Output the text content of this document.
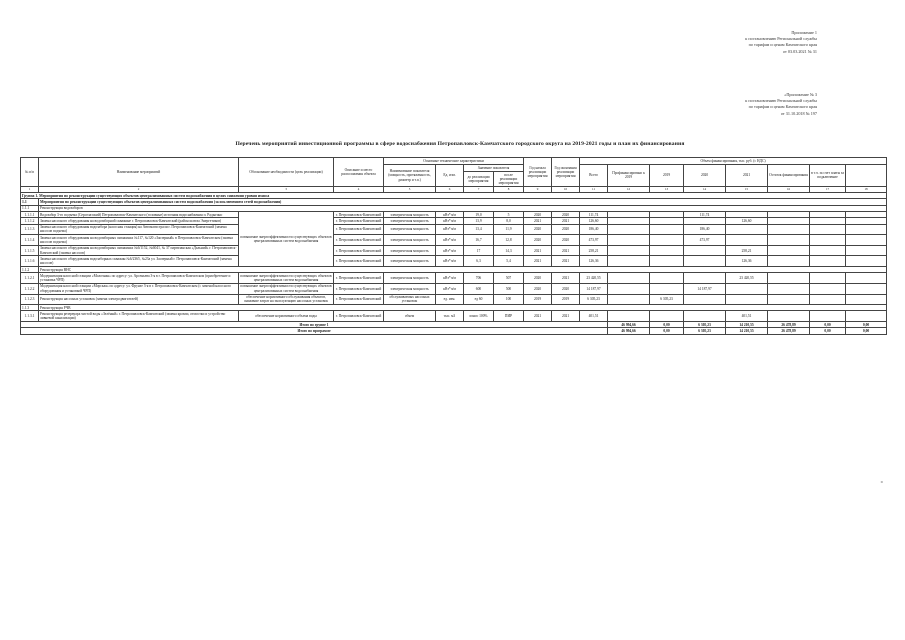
Приложение 1
к постановлению Региональной службы
по тарифам и ценам Камчатского края
от 03.03.2021 № 31
«Приложение № 3
к постановлению Региональной службы
по тарифам и ценам Камчатского края
от 31.10.2018 № 197
Перечень мероприятий инвестиционной программы в сфере водоснабжения Петропавловск-Камчатского городского округа на 2019-2021 годы и план их финансирования
№ п/п	Наименование мероприятий	Обоснование необходимости (цель реализации)	Описание и место расположения объекта	Основные технические характеристики				Год начала реализации мероприятия	Год окончания реализации мероприятия	Объем финансирования, тыс. руб. (с НДС)							
				Наименование показателя (мощность, протяженность, диаметр и т.п.)	Ед. изм.	Значение показателя				Всего	Профинансировано к 2019	2019	2020	2021	Остаток финансирования	в т.ч. за счет платы за подключение	
						до реализации мероприятия	после реализации мероприятия										
1	2	3	4	5	6	7	8	9	10	11	12	13	14	15	16	17	18
Группа 1. Мероприятия по реконструкции существующих объектов централизованных систем водоснабжения в целях снижения уровня износа																	
1.1	Мероприятия по реконструкции существующих объектов централизованных систем водоснабжения (за исключением сетей водоснабжения)																
1.1.1	Реконструкция водозаборов																
1.1.1.1	Водозабор 3-го подъема (Сероглазский) Петропавловск-Камчатского (головные) источник водоснабжения п. Радыгино	повышение энергоэффективности существующих объектов централизованных систем водоснабжения	г. Петропавловск-Камчатский	электрическая мощность	кВт*ч/м	19,0	5	2020	2020	111,74			111,74				
1.1.1.2	Замена насосного оборудования на водозаборной скважине г. Петропавловск-Камчатский (район шлюза Энергетиков)		г. Петропавловск-Камчатский	электрическая мощность	кВт*ч/м	13,9	8,0	2021	2021	126,60				126,60			
1.1.1.3	Замена насосного оборудования водозабора (насосная станция) на Автомагистрали г. Петропавловск-Камчатский (замена насосов подъема)		г. Петропавловск-Камчатский	электрическая мощность	кВт*ч/м	13,4	11,9	2020	2020	186,40			186,40				
1.1.1.4	Замена насосного оборудования на водозаборных скважинах №117, №120 «Заозерный» в Петропавловск-Камчатском (замена насосов подъема)		г. Петропавловск-Камчатский	электрическая мощность	кВт*ч/м	16,7	12,8	2020	2020	473,97			473,97				
1.1.1.5	Замена насосного оборудования на водозаборных скважинах №6/1152, №6041, № 37 партизанская «Дальний» г. Петропавловск-Камчатский (замена насосов)		г. Петропавловск-Камчатский	электрическая мощность	кВт*ч/м	17	14,3	2021	2021	258,21				258,21			
1.1.1.6	Замена насосного оборудования водозаборных скважин №6/2365, №23а ул. Заозерный г. Петропавловск-Камчатский (замена насосов)		г. Петропавловск-Камчатский	электрическая мощность	кВт*ч/м	6,3	5,4	2021	2021	126,36				126,36			
1.1.2	Реконструкция ВНС																
1.1.2.1	Модернизация насосной станции «Молочная» по адресу: ул. Арсеньева 3-я в г. Петропавловск-Камчатском (приобретение и установка ЧРП)	повышение энергоэффективности существующих объектов централизованных систем водоснабжения	г. Петропавловск-Камчатский	электрическая мощность	кВт*ч/м	706	507	2020	2021	23 420,55				23 420,55			
1.1.2.2	Модернизация насосной станции «Морская» по адресу: ул. Фрунзе 3-я в г. Петропавловск-Камчатском (с заменой насосного оборудования и установкой ЧРП)	повышение энергоэффективности существующих объектов централизованных систем водоснабжения	г. Петропавловск-Камчатский	электрическая мощность	кВт*ч/м	600	500	2020	2020	14 187,97			14 187,97				
1.1.2.3	Реконструкция насосных установок (замена электродвигателей)	обеспечение нормативного обслуживания объектов, снижение затрат на эксплуатацию насосных установок	г. Петропавловск-Камчатский	обслуживаемых насосных установок	ед. изм.	ед 60	100	2019	2019	6 305,23		6 305,23					
1.1.3	Реконструкция РЧВ																
1.1.3.1	Реконструкция резервуара чистой воды «Зелёный» г. Петропавловск-Камчатский (замена кровли, отмостки и устройство ливневой канализации)	обеспечение нормативного объема воды	г. Петропавловск-Камчатский	объем	тыс. м3	износ 100%	ПИР	2021	2021	401,51				401,51			
Итого по группе 1											46 994,66	0,00	6 305,23	14 210,55	26 478,89	0,00	0,00
Итого по программе											46 994,66	0,00	6 305,23	14 210,55	26 478,89	0,00	0,00
»
